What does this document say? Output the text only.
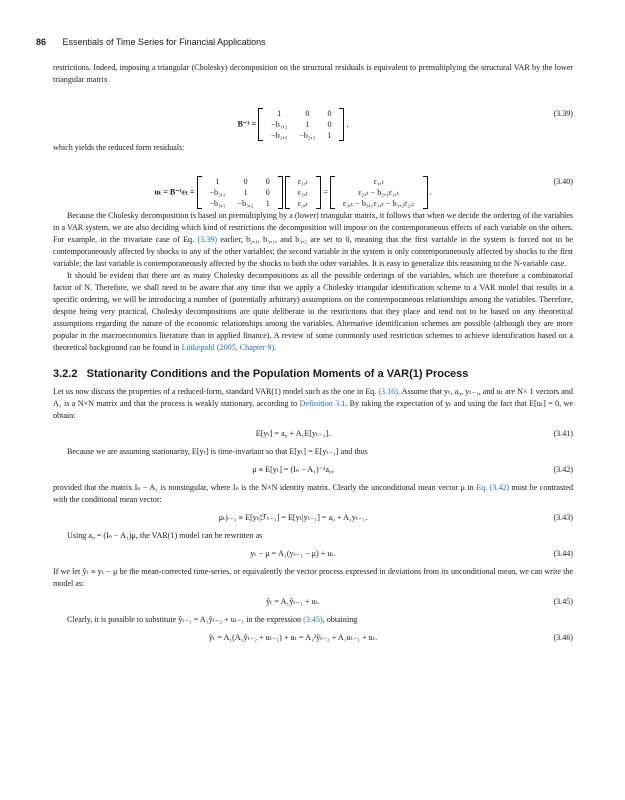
86 Essentials of Time Series for Financial Applications

restrictions. Indeed, imposing a triangular (Cholesky) decomposition on the structural residuals is equivalent to premultiplying the structural VAR by the lower triangular matrix

B⁻¹ =
1	0	0
−b₁,₂	1	0
−b₁,₃	−b₂,₃	1
,
(3.39)

which yields the reduced form residuals:

uₜ = B⁻¹εₜ =
1	0	0
−b₂,₁	1	0
−b₃,₁	−b₃,₂	1

ε₁,ₜ
ε₂,ₜ
ε₃,ₜ
=
ε₁,ₜ
ε₂,ₜ − b₂,₁ε₁,ₜ
ε₃,ₜ − b₃,₁ε₁,ₜ − b₃,₂ε₂,ₜ
.
(3.40)

Because the Cholesky decomposition is based on premultiplying by a (lower) triangular matrix, it follows that when we decide the ordering of the variables in a VAR system, we are also deciding which kind of restrictions the decomposition will impose on the contemporaneous effects of each variable on the others. For example, in the trivariate case of Eq. (3.39) earlier, b₂,₁, b₃,₁, and b₃,₂ are set to 0, meaning that the first variable in the system is forced not to be contemporaneously affected by shocks to any of the other variables; the second variable in the system is only contemporaneously affected by shocks to the first variable; the last variable is contemporaneously affected by the shocks to both the other variables. It is easy to generalize this reasoning to the N-variable case.

It should be evident that there are as many Cholesky decompositions as all the possible orderings of the variables, which are therefore a combinatorial factor of N. Therefore, we shall need to be aware that any time that we apply a Cholesky triangular identification scheme to a VAR model that results in a specific ordering, we will be introducing a number of (potentially arbitrary) assumptions on the contemporaneous relationships among the variables. Therefore, despite being very practical, Cholesky decompositions are quite deliberate in the restrictions that they place and tend not to be based on any theoretical assumptions regarding the nature of the economic relationships among the variables. Alternative identification schemes are possible (although they are more popular in the macroeconomics literature than in applied finance). A review of some commonly used restriction schemes to achieve identification based on a theoretical background can be found in Lütkepohl (2005, Chapter 9).

3.2.2 Stationarity Conditions and the Population Moments of a VAR(1) Process

Let us now discuss the properties of a reduced-form, standard VAR(1) model such as the one in Eq. (3.16). Assume that yₜ, a₀, yₜ₋₁, and uₜ are N× 1 vectors and A₁ is a N×N matrix and that the process is weakly stationary, according to Definition 3.1. By taking the expectation of yₜ and using the fact that E[uₜ] = 0, we obtain:

E[yₜ] = a₀ + A₁E[yₜ₋₁].	(3.41)

Because we are assuming stationarity, E[yₜ] is time-invariant so that E[yₜ] = E[yₜ₋₁] and thus

μ ≡ E[yₜ] = (Iₙ − A₁)⁻¹a₀,	(3.42)

provided that the matrix Iₙ − A₁ is nonsingular, where Iₙ is the N×N identity matrix. Clearly the unconditional mean vector μ in Eq. (3.42) must be contrasted with the conditional mean vector:

μₜ|ₜ₋₁ ≡ E[yₜ|ℱₜ₋₁] = E[yₜ|yₜ₋₁] = a₀ + A₁yₜ₋₁.	(3.43)

Using a₀ = (Iₙ − A₁)μ, the VAR(1) model can be rewritten as

yₜ − μ = A₁(yₜ₋₁ − μ) + uₜ.	(3.44)

If we let ỹₜ ≡ yₜ − μ be the mean-corrected time-series, or equivalently the vector process expressed in deviations from its unconditional mean, we can write the model as:

ỹₜ = A₁ỹₜ₋₁ + uₜ.	(3.45)

Clearly, it is possible to substitute ỹₜ₋₁ = A₁ỹₜ₋₂ + uₜ₋₁ in the expression (3.45), obtaining

ỹₜ = A₁(A₁ỹₜ₋₂ + uₜ₋₁) + uₜ = A₁²ỹₜ₋₂ + A₁uₜ₋₁ + uₜ.	(3.46)
